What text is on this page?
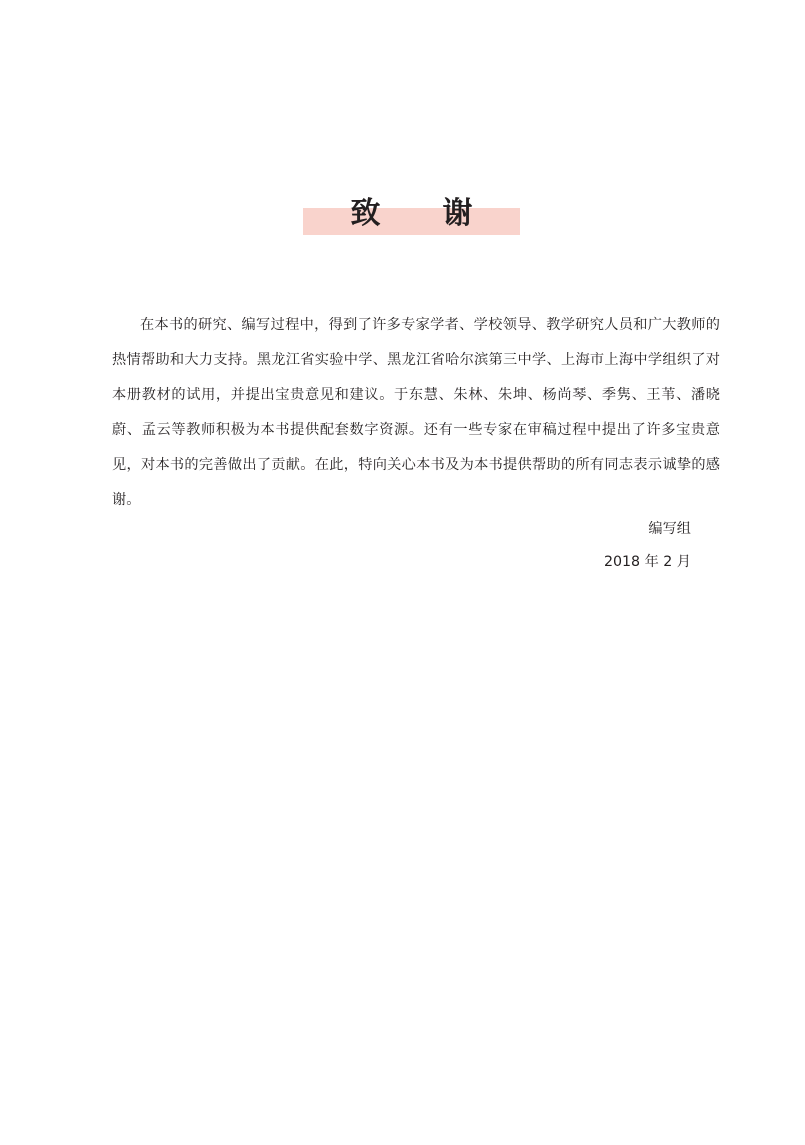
致 谢

在本书的研究、编写过程中，得到了许多专家学者、学校领导、教学研究人员和广大教师的热情帮助和大力支持。黑龙江省实验中学、黑龙江省哈尔滨第三中学、上海市上海中学组织了对本册教材的试用，并提出宝贵意见和建议。于东慧、朱林、朱坤、杨尚琴、季隽、王苇、潘晓蔚、孟云等教师积极为本书提供配套数字资源。还有一些专家在审稿过程中提出了许多宝贵意见，对本书的完善做出了贡献。在此，特向关心本书及为本书提供帮助的所有同志表示诚挚的感谢。

编写组
2018 年 2 月
